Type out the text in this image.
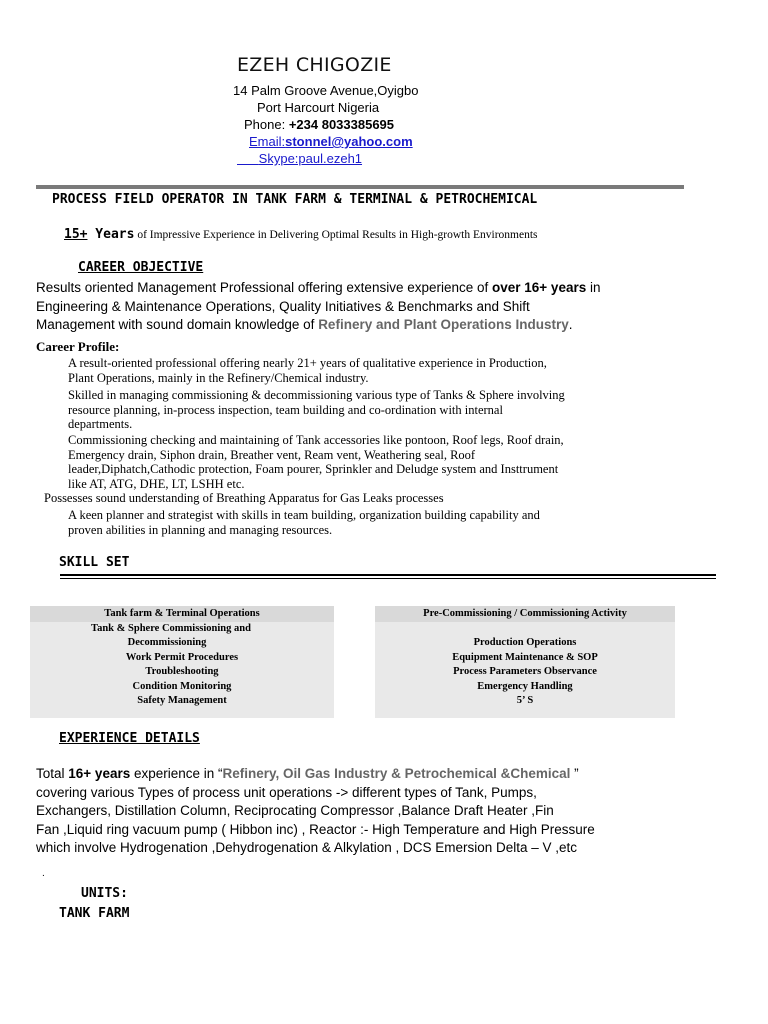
EZEH CHIGOZIE
14 Palm Groove Avenue,Oyigbo
Port Harcourt Nigeria
Phone: +234 8033385695
Email:stonnel@yahoo.com
Skype:paul.ezeh1
PROCESS FIELD OPERATOR IN TANK FARM & TERMINAL & PETROCHEMICAL
15+ Years of Impressive Experience in Delivering Optimal Results in High-growth Environments
CAREER OBJECTIVE
Results oriented Management Professional offering extensive experience of over 16+ years in
Engineering & Maintenance Operations, Quality Initiatives & Benchmarks and Shift
Management with sound domain knowledge of Refinery and Plant Operations Industry.
Career Profile:
A result-oriented professional offering nearly 21+ years of qualitative experience in Production,
Plant Operations, mainly in the Refinery/Chemical industry.
Skilled in managing commissioning & decommissioning various type of Tanks & Sphere involving
resource planning, in-process inspection, team building and co-ordination with internal
departments.
Commissioning checking and maintaining of Tank accessories like pontoon, Roof legs, Roof drain,
Emergency drain, Siphon drain, Breather vent, Ream vent, Weathering seal, Roof
leader,Diphatch,Cathodic protection, Foam pourer, Sprinkler and Deludge system and Insttrument
like AT, ATG, DHE, LT, LSHH etc.
Possesses sound understanding of Breathing Apparatus for Gas Leaks processes
A keen planner and strategist with skills in team building, organization building capability and
proven abilities in planning and managing resources.
SKILL SET
Tank farm & Terminal Operations
Tank & Sphere Commissioning and
Decommissioning
Work Permit Procedures
Troubleshooting
Condition Monitoring
Safety Management
Pre-Commissioning / Commissioning Activity
Production Operations
Equipment Maintenance & SOP
Process Parameters Observance
Emergency Handling
5’ S
EXPERIENCE DETAILS
Total 16+ years experience in “Refinery, Oil Gas Industry & Petrochemical &Chemical ”
covering various Types of process unit operations -> different types of Tank, Pumps,
Exchangers, Distillation Column, Reciprocating Compressor ,Balance Draft Heater ,Fin
Fan ,Liquid ring vacuum pump ( Hibbon inc) , Reactor :- High Temperature and High Pressure
which involve Hydrogenation ,Dehydrogenation & Alkylation , DCS Emersion Delta – V ,etc
.
UNITS:
TANK FARM
